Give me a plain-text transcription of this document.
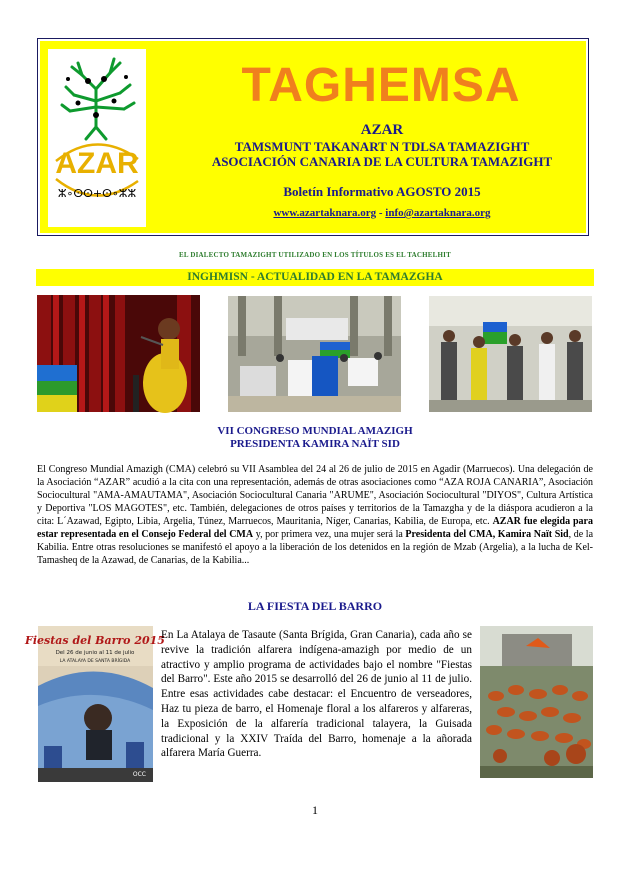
AZAR
ⵣ∘ⵙⵙ+ⵙ∘ⵣⵣ
TAGHEMSA
AZAR
TAMSMUNT TAKANART N TDLSA TAMAZIGHT
ASOCIACIÓN CANARIA DE LA CULTURA TAMAZIGHT
Boletín Informativo AGOSTO 2015
www.azartaknara.org - info@azartaknara.org
EL DIALECTO TAMAZIGHT UTILIZADO EN LOS TÍTULOS ES EL TACHELHIT
INGHMISN - ACTUALIDAD EN LA TAMAZGHA
VII CONGRESO MUNDIAL AMAZIGH
PRESIDENTA KAMIRA NAÏT SID

El Congreso Mundial Amazigh (CMA) celebró su VII Asamblea del 24 al 26 de julio de 2015 en Agadir (Marruecos). Una delegación de la Asociación “AZAR” acudió a la cita con una representación, además de otras asociaciones como “AZA ROJA CANARIA”, Asociación Sociocultural "AMA-AMAUTAMA", Asociación Sociocultural Canaria "ARUME", Asociación Sociocultural "DIYOS", Cultura Artística y Deportiva "LOS MAGOTES", etc. También, delegaciones de otros países y territorios de la Tamazgha y de la diáspora acudieron a la cita: L´Azawad, Egipto, Libia, Argelia, Túnez, Marruecos, Mauritania, Níger, Canarias, Kabilia, de Europa, etc. AZAR fue elegida para estar representada en el Consejo Federal del CMA y, por primera vez, una mujer será la Presidenta del CMA, Kamira Naït Sid, de la Kabilia. Entre otras resoluciones se manifestó el apoyo a la liberación de los detenidos en la región de Mzab (Argelia), a la lucha de Kel-Tamasheq de la Azawad, de Canarias, de la Kabilia...

LA FIESTA DEL BARRO
Fiestas del Barro 2015
Del 26 de junio al 11 de julio
LA ATALAYA DE SANTA BRÍGIDA
OCC

En La Atalaya de Tasaute (Santa Brígida, Gran Canaria), cada año se revive la tradición alfarera indígena-amazigh por medio de un atractivo y amplio programa de actividades bajo el nombre "Fiestas del Barro". Este año 2015 se desarrolló del 26 de junio al 11 de julio. Entre esas actividades cabe destacar: el Encuentro de verseadores, Haz tu pieza de barro, el Homenaje floral a los alfareros y alfareras, la Exposición de la alfarería tradicional talayera, la Guisada tradicional y la XXIV Traída del Barro, homenaje a la añorada alfarera María Guerra.

1
